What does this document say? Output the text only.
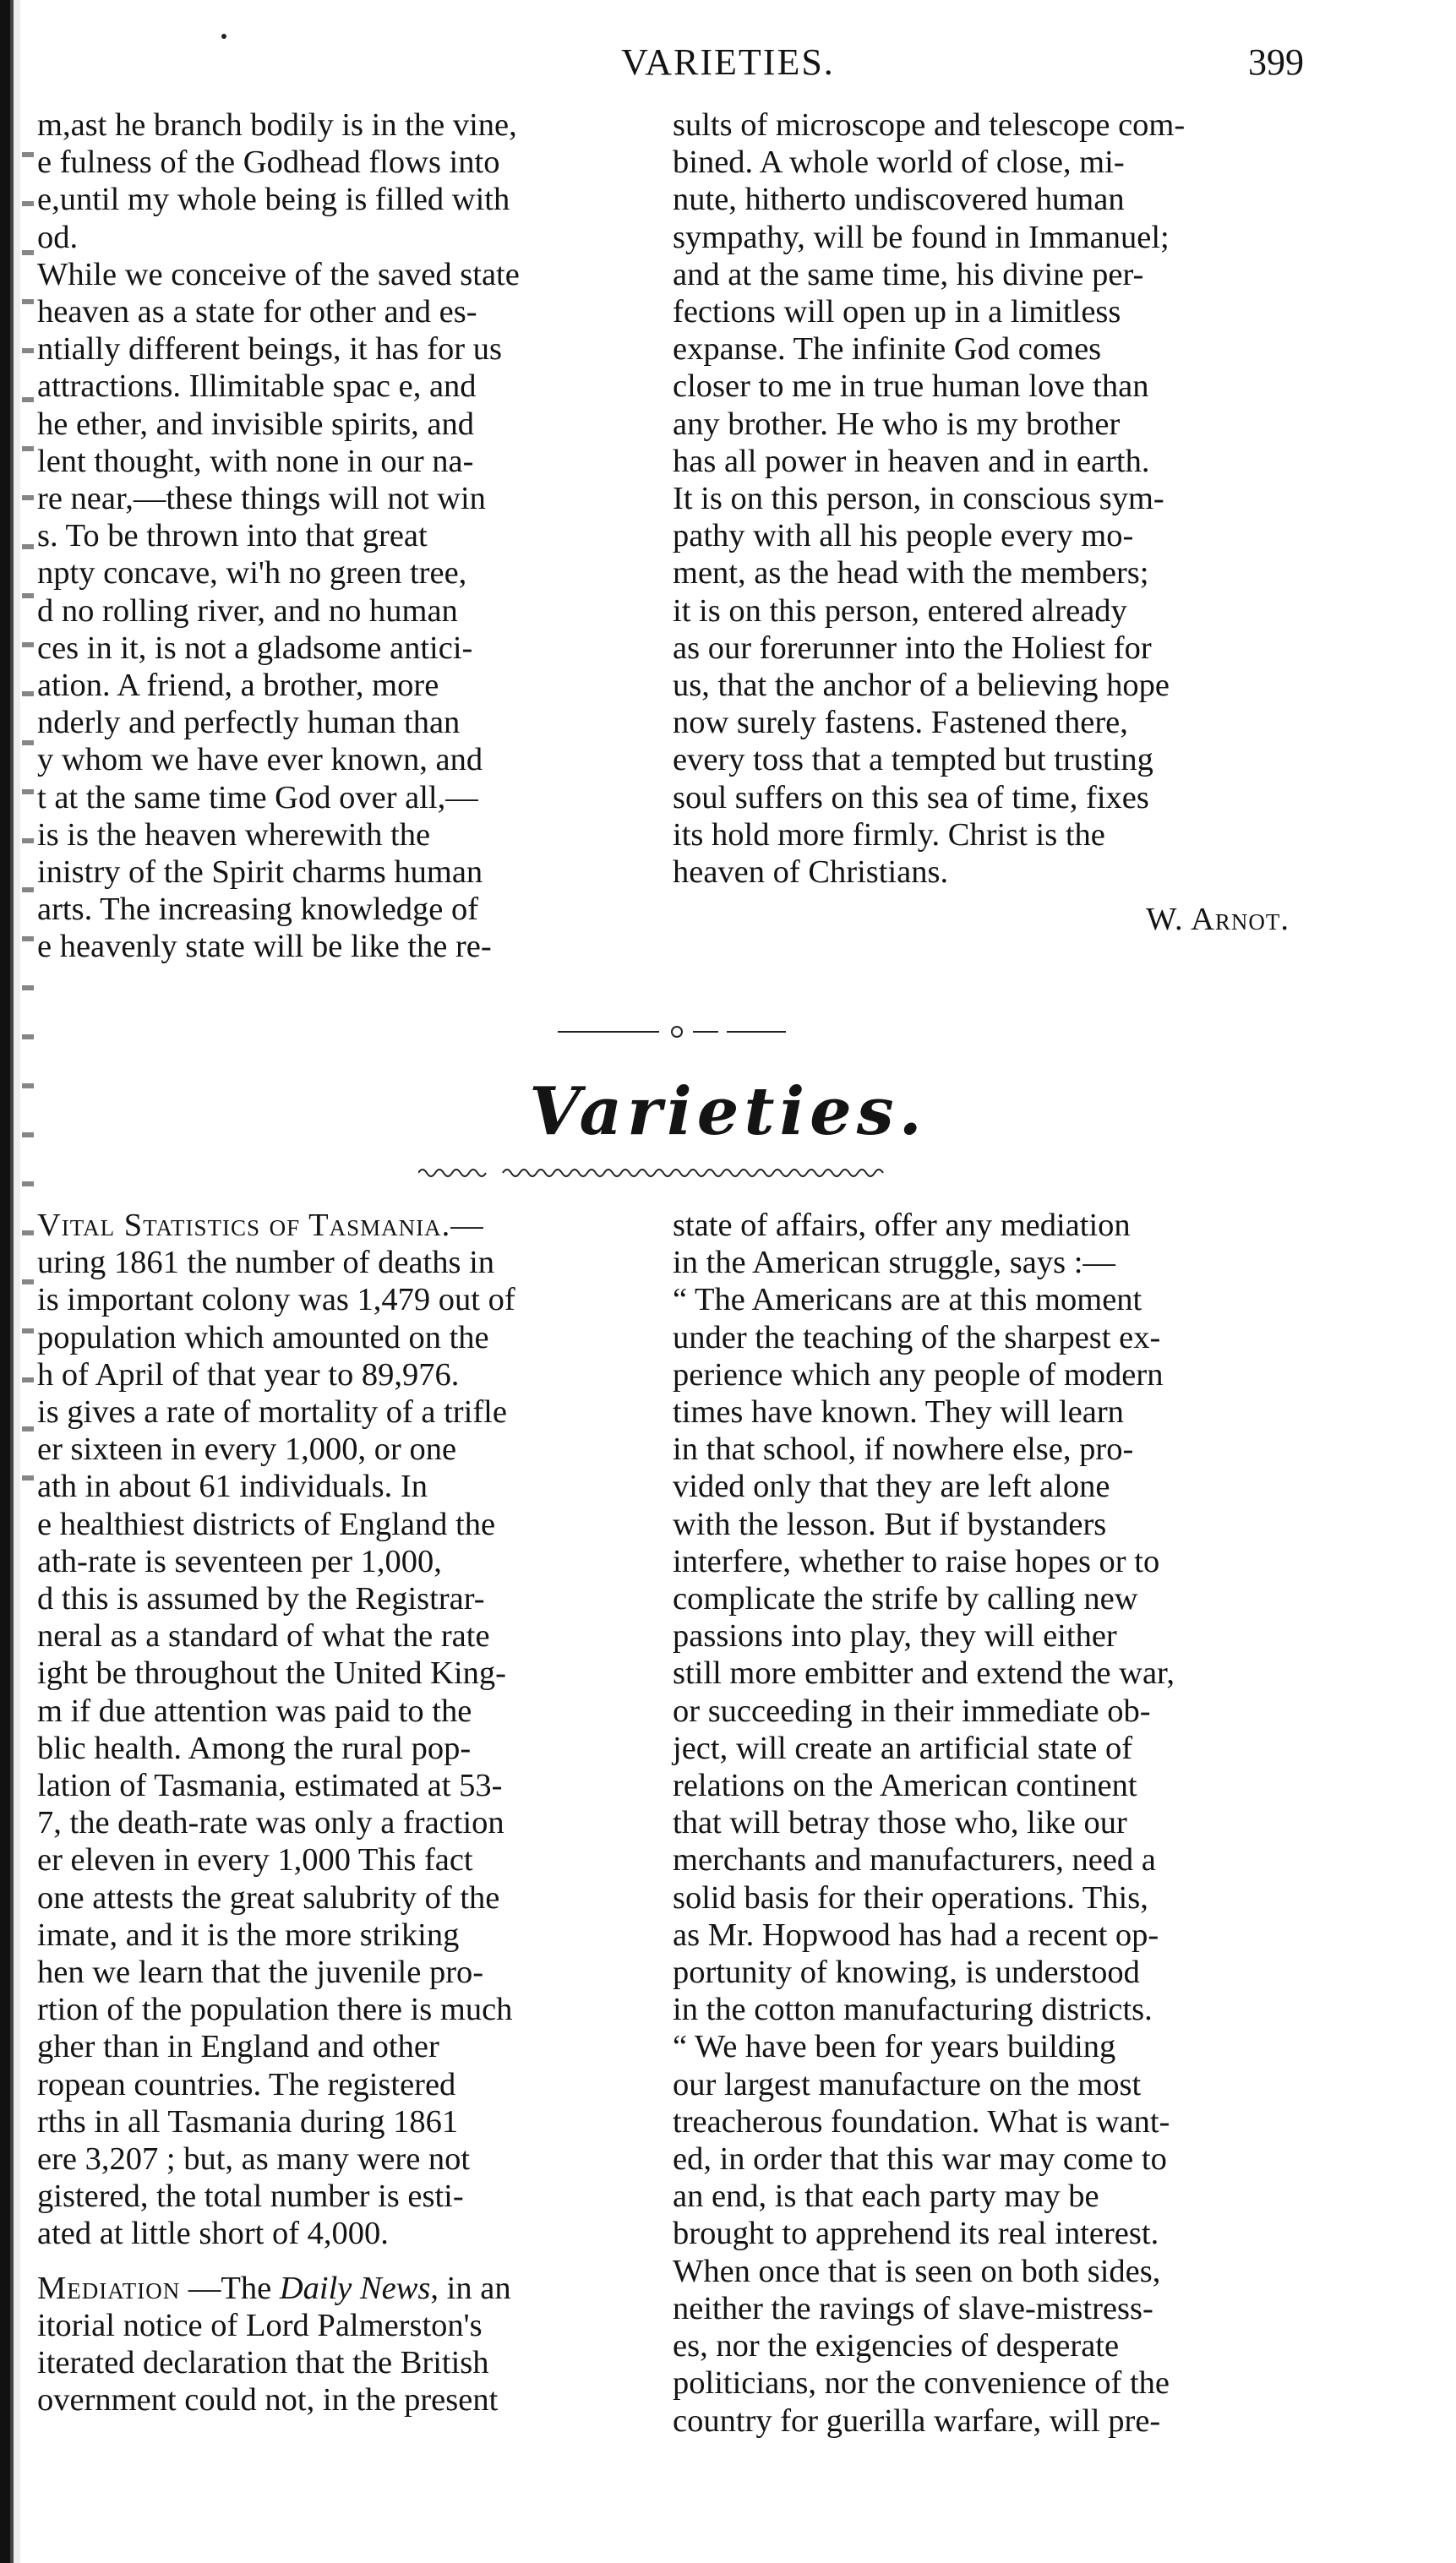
VARIETIES.	399

m,ast he branch bodily is in the vine,

e fulness of the Godhead flows into

e,until my whole being is filled with

od.

While we conceive of the saved state

heaven as a state for other and es-

ntially different beings, it has for us

attractions. Illimitable spac e, and

he ether, and invisible spirits, and

lent thought, with none in our na-

re near,—these things will not win

s. To be thrown into that great

npty concave, wi'h no green tree,

d no rolling river, and no human

ces in it, is not a gladsome antici-

ation. A friend, a brother, more

nderly and perfectly human than

y whom we have ever known, and

t at the same time God over all,—

is is the heaven wherewith the

inistry of the Spirit charms human

arts. The increasing knowledge of

e heavenly state will be like the re-

sults of microscope and telescope com-

bined. A whole world of close, mi-

nute, hitherto undiscovered human

sympathy, will be found in Immanuel;

and at the same time, his divine per-

fections will open up in a limitless

expanse. The infinite God comes

closer to me in true human love than

any brother. He who is my brother

has all power in heaven and in earth.

It is on this person, in conscious sym-

pathy with all his people every mo-

ment, as the head with the members;

it is on this person, entered already

as our forerunner into the Holiest for

us, that the anchor of a believing hope

now surely fastens. Fastened there,

every toss that a tempted but trusting

soul suffers on this sea of time, fixes

its hold more firmly. Christ is the

heaven of Christians.

W. Arnot.

Varieties.

Vital Statistics of Tasmania.—

uring 1861 the number of deaths in

is important colony was 1,479 out of

population which amounted on the

h of April of that year to 89,976.

is gives a rate of mortality of a trifle

er sixteen in every 1,000, or one

ath in about 61 individuals. In

e healthiest districts of England the

ath-rate is seventeen per 1,000,

d this is assumed by the Registrar-

neral as a standard of what the rate

ight be throughout the United King-

m if due attention was paid to the

blic health. Among the rural pop-

lation of Tasmania, estimated at 53-

7, the death-rate was only a fraction

er eleven in every 1,000 This fact

one attests the great salubrity of the

imate, and it is the more striking

hen we learn that the juvenile pro-

rtion of the population there is much

gher than in England and other

ropean countries. The registered

rths in all Tasmania during 1861

ere 3,207 ; but, as many were not

gistered, the total number is esti-

ated at little short of 4,000.

Mediation —The Daily News, in an

itorial notice of Lord Palmerston's

iterated declaration that the British

overnment could not, in the present

state of affairs, offer any mediation

in the American struggle, says :—

“ The Americans are at this moment

under the teaching of the sharpest ex-

perience which any people of modern

times have known. They will learn

in that school, if nowhere else, pro-

vided only that they are left alone

with the lesson. But if bystanders

interfere, whether to raise hopes or to

complicate the strife by calling new

passions into play, they will either

still more embitter and extend the war,

or succeeding in their immediate ob-

ject, will create an artificial state of

relations on the American continent

that will betray those who, like our

merchants and manufacturers, need a

solid basis for their operations. This,

as Mr. Hopwood has had a recent op-

portunity of knowing, is understood

in the cotton manufacturing districts.

“ We have been for years building

our largest manufacture on the most

treacherous foundation. What is want-

ed, in order that this war may come to

an end, is that each party may be

brought to apprehend its real interest.

When once that is seen on both sides,

neither the ravings of slave-mistress-

es, nor the exigencies of desperate

politicians, nor the convenience of the

country for guerilla warfare, will pre-
